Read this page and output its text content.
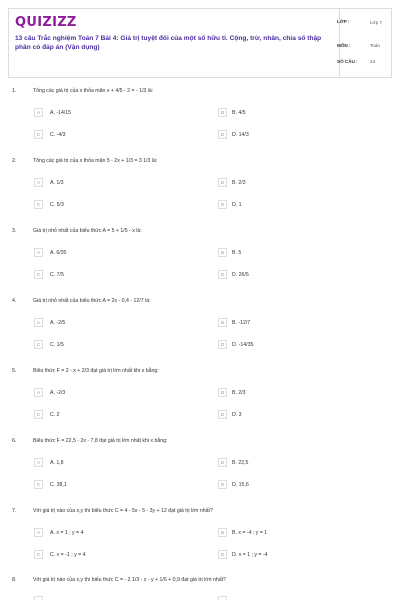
QUIZIZZ
13 câu Trắc nghiệm Toán 7 Bài 4: Giá trị tuyệt đối của một số hữu tỉ. Cộng, trừ, nhân, chia số thập phân có đáp án (Vận dụng)
LỚP :	Lớp 7
MÔN :	Toán
SỐ CÂU :	13
1.	Tổng các giá trị của x thỏa mãn x + 4/5 - 2 = - 1/3 là:
A	A. -14/15	B	B. 4/5
C	C. -4/3	D	D. 14/3
2.	Tổng các giá trị của x thỏa mãn 5 - 2x + 1/3 = 3 1/3 là:
A	A. 1/3	B	B. 2/3
C	C. 5/3	D	D. 1
3.	Giá trị nhỏ nhất của biểu thức A = 5 + 1/5 - x là:
A	A. 6/35	B	B. 5
C	C. 7/5	D	D. 26/5
4.	Giá trị nhỏ nhất của biểu thức A = 2x - 0,4 - 12/7 là:
A	A. -2/5	B	B. -12/7
C	C. 1/5	D	D. -14/35
5.	Biểu thức F = 2 - x + 2/3 đạt giá trị lớn nhất khi x bằng:
A	A. -2/3	B	B. 2/3
C	C. 2	D	D. 3
6.	Biểu thức F = 22,5 - 2x - 7,8 đạt giá trị lớn nhất khi x bằng:
A	A. 1,8	B	B. 22,5
C	C. 38,1	D	D. 15,6
7.	Với giá trị nào của x,y thì biểu thức C = 4 - 5x - 5 - 3y + 12 đạt giá trị lớn nhất?
A	A. x = 1 ; y = 4	B	B. x = -4 ; y = 1
C	C. x = -1 ; y = 4	D	D. x = 1 ; y = -4
8.	Với giá trị nào của x,y thì biểu thức C = - 2 1/3 - x - y + 1/6 + 0,9 đạt giá trị lớn nhất?
